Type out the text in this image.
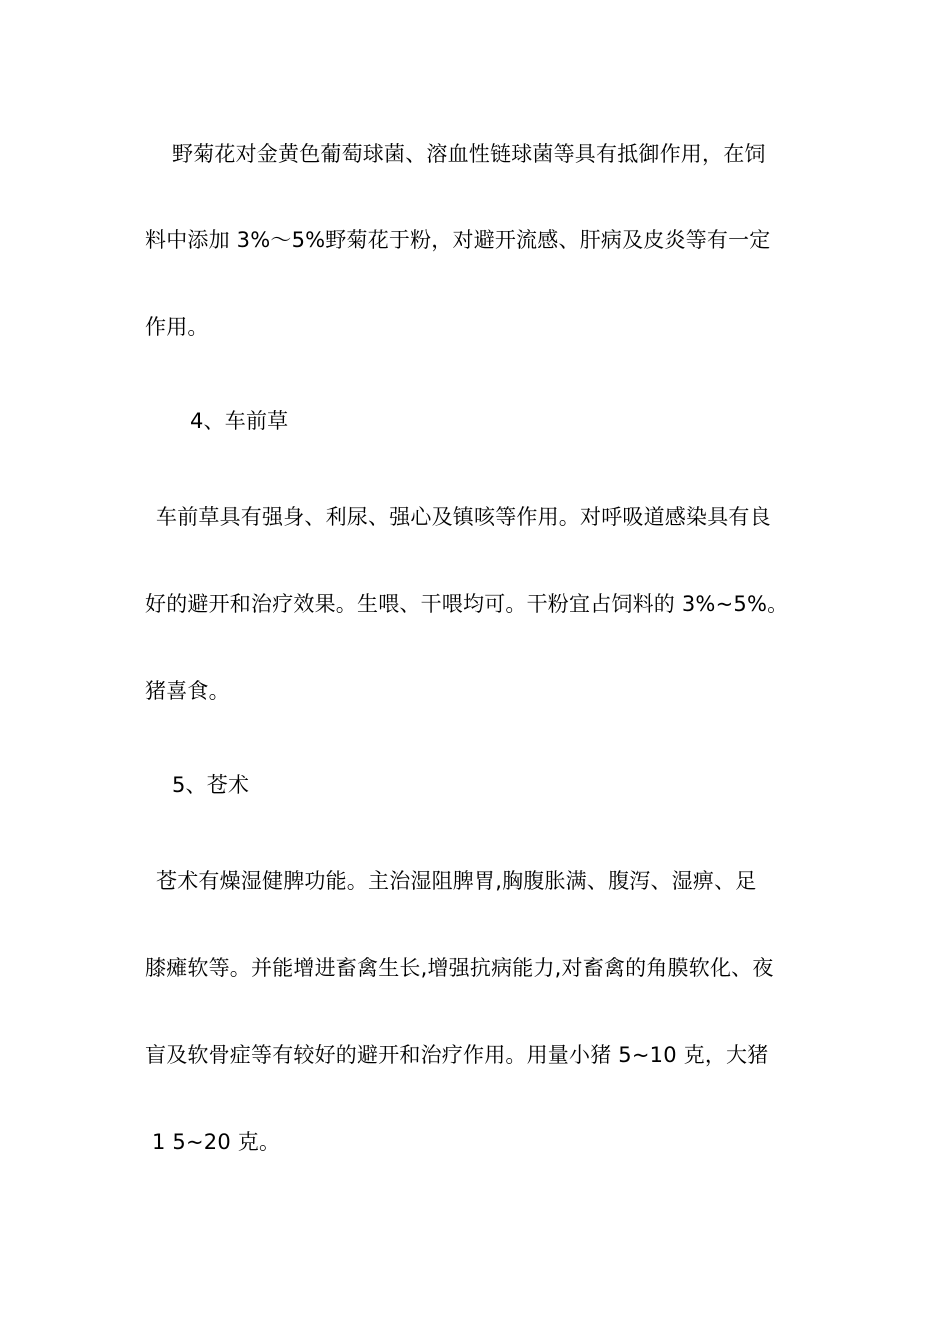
野菊花对金黄色葡萄球菌、溶血性链球菌等具有抵御作用，在饲
料中添加 3%～5%野菊花于粉，对避开流感、肝病及皮炎等有一定
作用。
4、车前草
车前草具有强身、利尿、强心及镇咳等作用。对呼吸道感染具有良
好的避开和治疗效果。生喂、干喂均可。干粉宜占饲料的 3%~5%。
猪喜食。
5、苍术
苍术有燥湿健脾功能。主治湿阻脾胃,胸腹胀满、腹泻、湿痹、足
膝瘫软等。并能增进畜禽生长,增强抗病能力,对畜禽的角膜软化、夜
盲及软骨症等有较好的避开和治疗作用。用量小猪 5~10 克，大猪
1 5~20 克。
